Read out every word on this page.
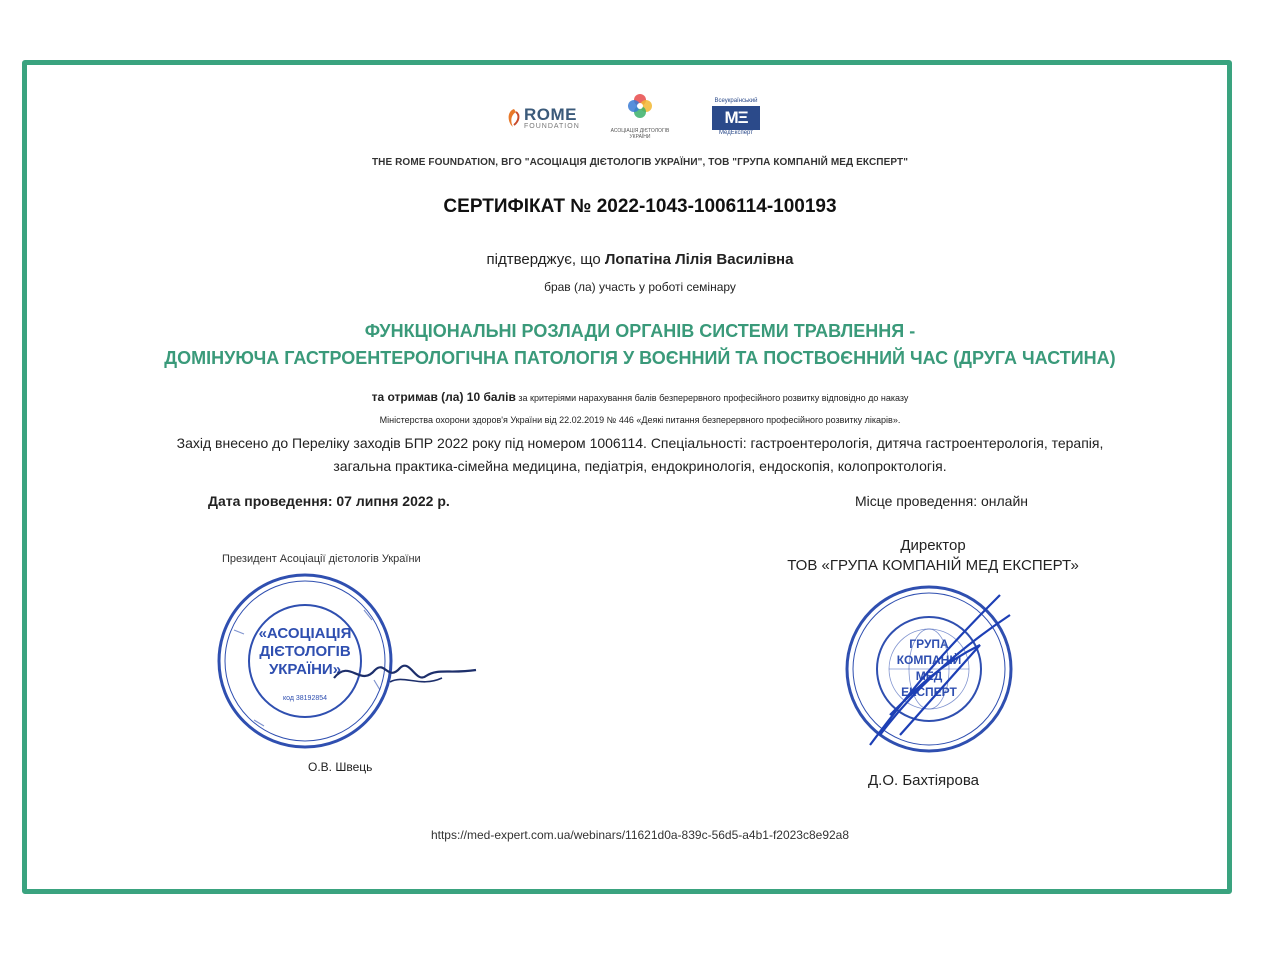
ROME
FOUNDATION
АСОЦІАЦІЯ ДІЄТОЛОГІВ УКРАЇНИ
Всеукраїнський
MΞ
МедЕксперт
THE ROME FOUNDATION, ВГО "АСОЦІАЦІЯ ДІЄТОЛОГІВ УКРАЇНИ", ТОВ "ГРУПА КОМПАНІЙ МЕД ЕКСПЕРТ"
СЕРТИФІКАТ № 2022-1043-1006114-100193
підтверджує, що Лопатіна Лілія Василівна
брав (ла) участь у роботі семінару
ФУНКЦІОНАЛЬНІ РОЗЛАДИ ОРГАНІВ СИСТЕМИ ТРАВЛЕННЯ -
ДОМІНУЮЧА ГАСТРОЕНТЕРОЛОГІЧНА ПАТОЛОГІЯ У ВОЄННИЙ ТА ПОСТВОЄННИЙ ЧАС (ДРУГА ЧАСТИНА)
та отримав (ла) 10 балів за критеріями нарахування балів безперервного професійного розвитку відповідно до наказу
Міністерства охорони здоров'я України від 22.02.2019 № 446 «Деякі питання безперервного професійного розвитку лікарів».
Захід внесено до Переліку заходів БПР 2022 року під номером 1006114. Спеціальності: гастроентерологія, дитяча гастроентерологія, терапія,
загальна практика-сімейна медицина, педіатрія, ендокринологія, ендоскопія, колопроктологія.
Дата проведення: 07 липня 2022 р.	Місце проведення: онлайн
Президент Асоціації дієтологів України
«АСОЦІАЦІЯ
ДІЄТОЛОГІВ
УКРАЇНИ»
код 38192854
О.В. Швець
Директор
ТОВ «ГРУПА КОМПАНІЙ МЕД ЕКСПЕРТ»
ГРУПА
КОМПАНІЙ
МЕД
ЕКСПЕРТ
Д.О. Бахтіярова
https://med-expert.com.ua/webinars/11621d0a-839c-56d5-a4b1-f2023c8e92a8
